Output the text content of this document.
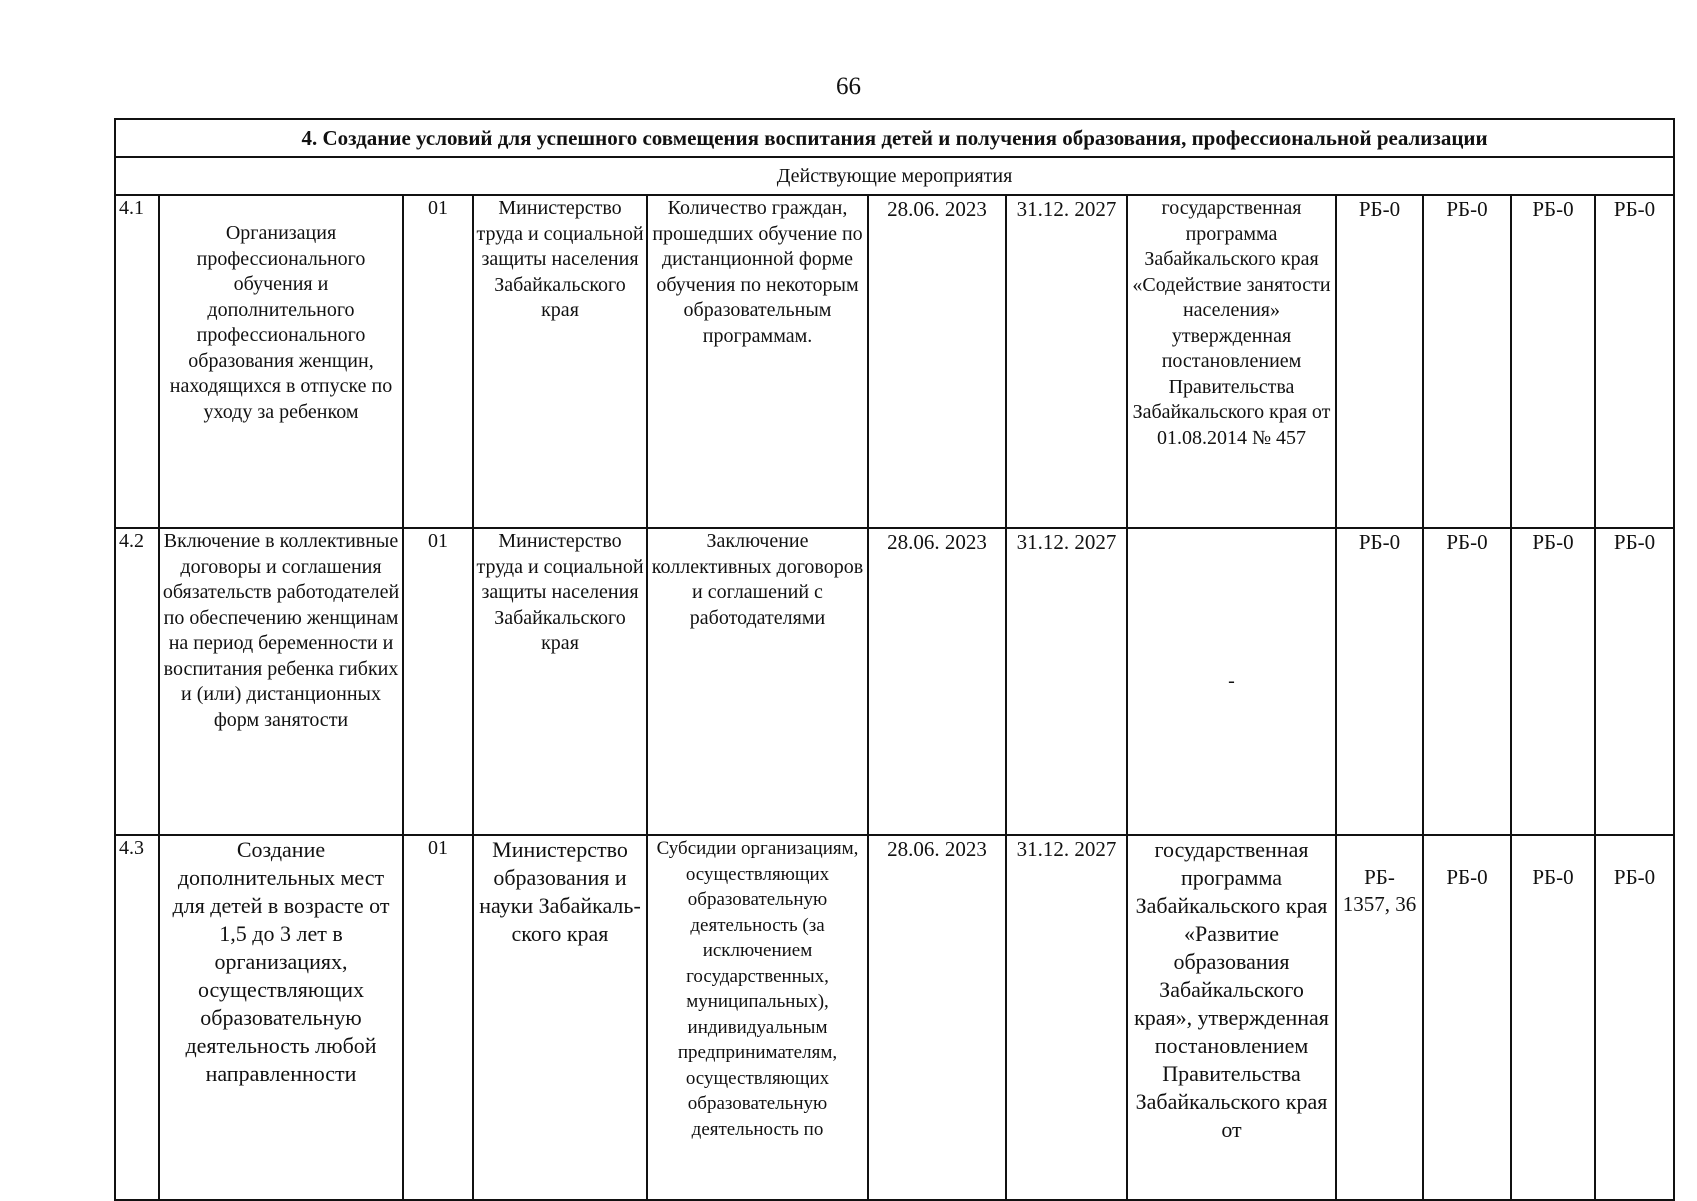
66
4. Создание условий для успешного совмещения воспитания детей и получения образования, профессиональной реализации											
Действующие мероприятия											
4.1	Организация профессионального обучения и дополнительного профессионального образования женщин, находящихся в отпуске по уходу за ребенком	01	Министерство труда и социальной защиты населения Забайкальского края	Количество граждан, прошедших обучение по дистанционной форме обучения по некоторым образовательным программам.	28.06. 2023	31.12. 2027	государственная программа Забайкальского края «Содействие занятости населения» утвержденная постановлением Правительства Забайкальского края от 01.08.2014 № 457	РБ-0	РБ-0	РБ-0	РБ-0
4.2	Включение в коллективные договоры и соглашения обязательств работодателей по обеспечению женщинам на период беременности и воспитания ребенка гибких и (или) дистанционных форм занятости	01	Министерство труда и социальной защиты населения Забайкальского края	Заключение коллективных договоров и соглашений с работодателями	28.06. 2023	31.12. 2027	-	РБ-0	РБ-0	РБ-0	РБ-0
4.3	Создание дополнительных мест для детей в возрасте от 1,5 до 3 лет в организациях, осуществляющих образовательную деятельность любой направленности	01	Министерство образования и науки Забайкаль-ского края	Субсидии организациям, осуществляющих образовательную деятельность (за исключением государственных, муниципальных), индивидуальным предпринимателям, осуществляющих образовательную деятельность по	28.06. 2023	31.12. 2027	государственная программа Забайкальского края «Развитие образования Забайкальского края», утвержденная постановлением Правительства Забайкальского края от	РБ- 1357, 36	РБ-0	РБ-0	РБ-0
